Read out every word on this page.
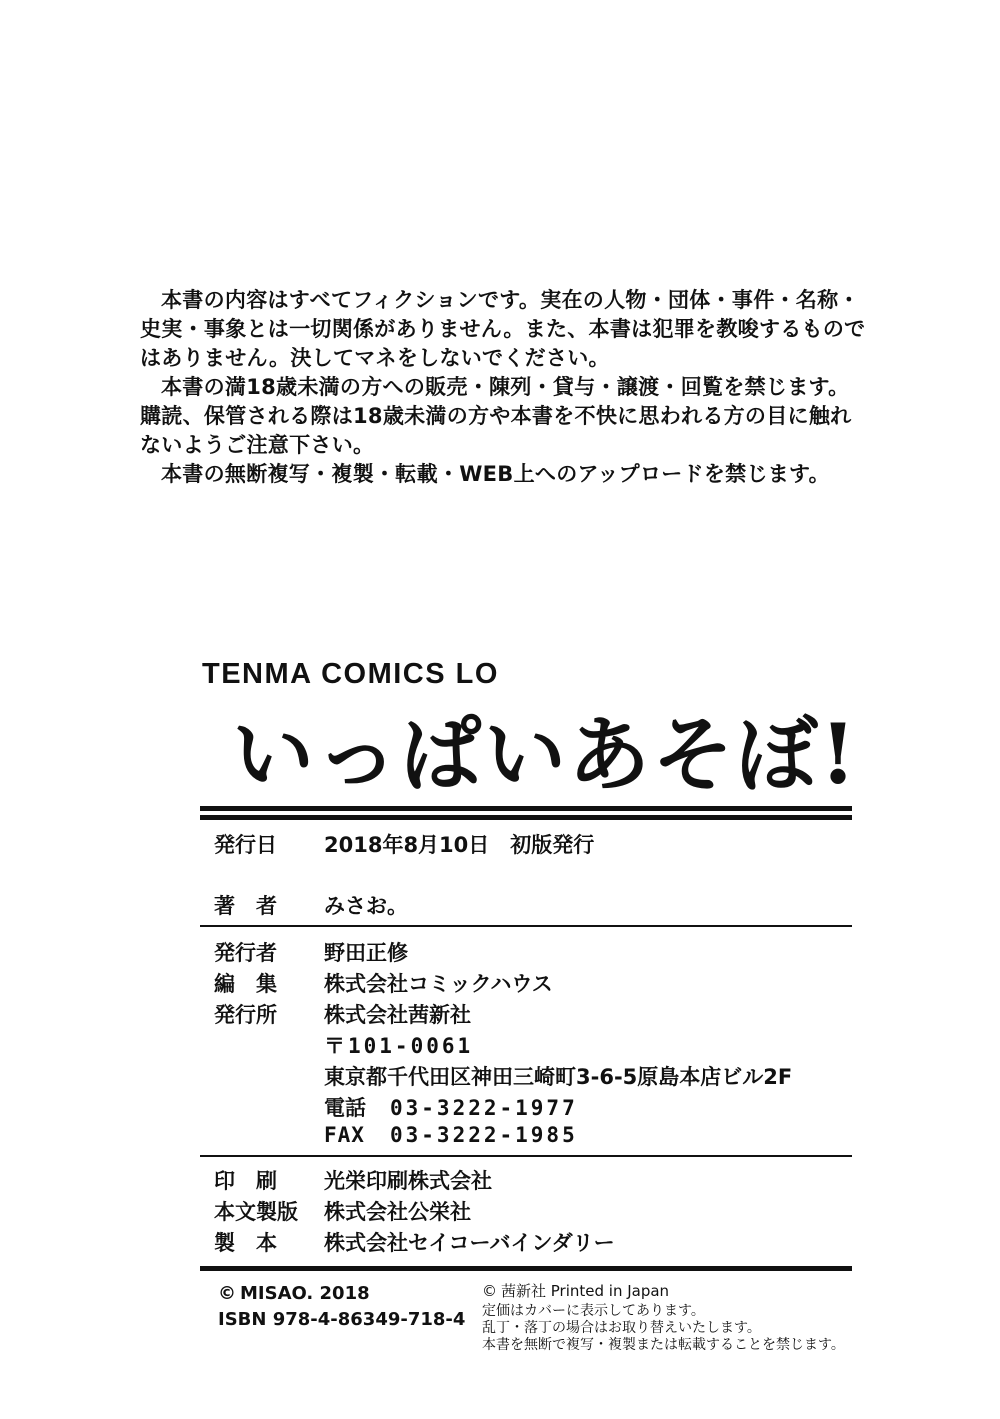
本書の内容はすべてフィクションです。実在の人物・団体・事件・名称・史実・事象とは一切関係がありません。また、本書は犯罪を教唆するものではありません。決してマネをしないでください。

本書の満18歳未満の方への販売・陳列・貸与・譲渡・回覧を禁じます。購読、保管される際は18歳未満の方や本書を不快に思われる方の目に触れないようご注意下さい。

本書の無断複写・複製・転載・WEB上へのアップロードを禁じます。

TENMA COMICS LO
いっぱいあそぼ!
発行日 2018年8月10日　初版発行
著　者 みさお。
発行者 野田正修
編　集 株式会社コミックハウス
発行所 株式会社茜新社
〒101-0061
東京都千代田区神田三崎町3-6-5原島本店ビル2F
電話 03-3222-1977
FAX 03-3222-1985
印　刷 光栄印刷株式会社
本文製版 株式会社公栄社
製　本 株式会社セイコーバインダリー
© MISAO. 2018
ISBN 978-4-86349-718-4
© 茜新社 Printed in Japan
定価はカバーに表示してあります。
乱丁・落丁の場合はお取り替えいたします。
本書を無断で複写・複製または転載することを禁じます。
